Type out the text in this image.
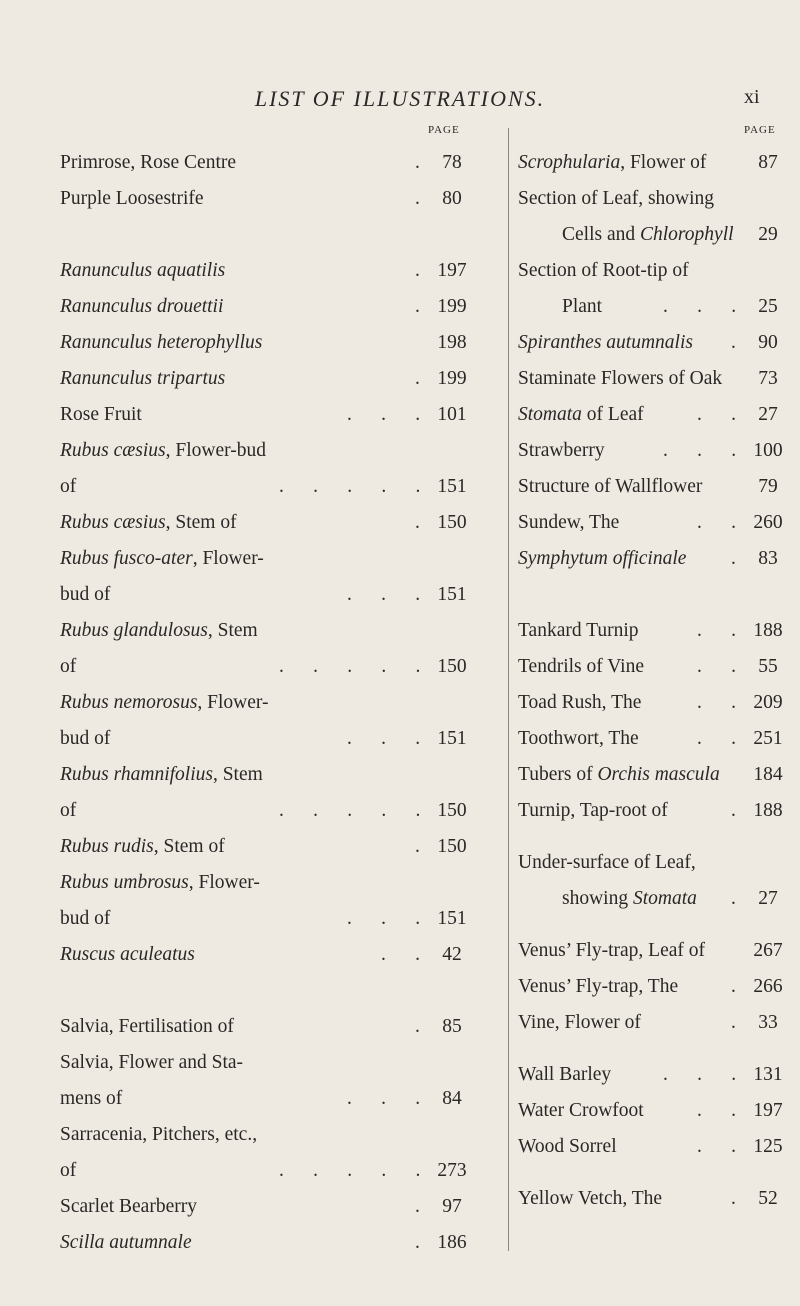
LIST OF ILLUSTRATIONS.	xi
PAGE	PAGE
Primrose, Rose Centre	.	78
Purple Loosestrife	.	80
Ranunculus aquatilis	. 197
Ranunculus drouettii	. 199
Ranunculus heterophyllus	198
Ranunculus tripartus	. 199
Rose Fruit	.      .      . 101
Rubus cæsius, Flower-bud
of	.      .      .      .      . 151
Rubus cæsius, Stem of	. 150
Rubus fusco-ater, Flower-
bud of	.      .      . 151
Rubus glandulosus, Stem
of	.      .      .      .      . 150
Rubus nemorosus, Flower-
bud of	.      .      . 151
Rubus rhamnifolius, Stem
of	.      .      .      .      . 150
Rubus rudis, Stem of	. 150
Rubus umbrosus, Flower-
bud of	.      .      . 151
Ruscus aculeatus	.      .	42
Salvia, Fertilisation of	.	85
Salvia, Flower and Sta-
mens of	.      .      .	84
Sarracenia, Pitchers, etc.,
of	.      .      .      .      . 273
Scarlet Bearberry	.	97
Scilla autumnale	. 186
Scrophularia, Flower of	87
Section of Leaf, showing
Cells and Chlorophyll	29
Section of Root-tip of
Plant	.      .      .	25
Spiranthes autumnalis .	90
Staminate Flowers of Oak	73
Stomata of Leaf	.      .	27
Strawberry	.      .      . 100
Structure of Wallflower	79
Sundew, The	.      . 260
Symphytum officinale .	83
Tankard Turnip	.      . 188
Tendrils of Vine	.      .	55
Toad Rush, The	.      . 209
Toothwort, The	.      . 251
Tubers of Orchis mascula	184
Turnip, Tap-root of	. 188
Under-surface of Leaf,
showing Stomata .	27
Venus’ Fly-trap, Leaf of	267
Venus’ Fly-trap, The	. 266
Vine, Flower of	.	33
Wall Barley	.      .      . 131
Water Crowfoot	.      . 197
Wood Sorrel	.      . 125
Yellow Vetch, The	.	52
